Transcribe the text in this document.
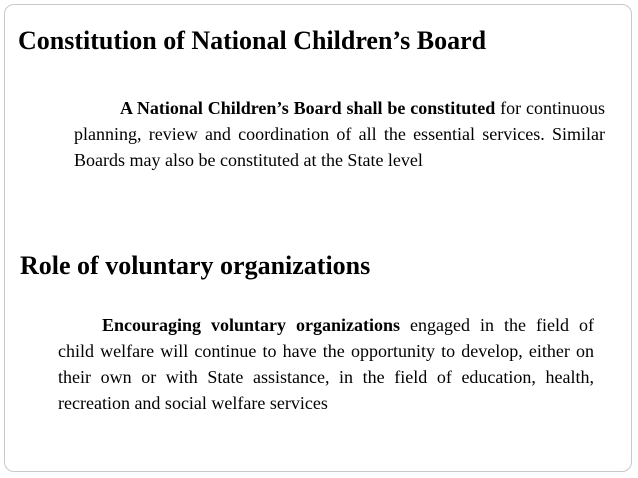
Constitution of National Children’s Board

A National Children’s Board shall be constituted for continuous planning, review and coordination of all the essential services. Similar Boards may also be constituted at the State level

Role of voluntary organizations

Encouraging voluntary organizations engaged in the field of child welfare will continue to have the opportunity to develop, either on their own or with State assistance, in the field of education, health, recreation and social welfare services
